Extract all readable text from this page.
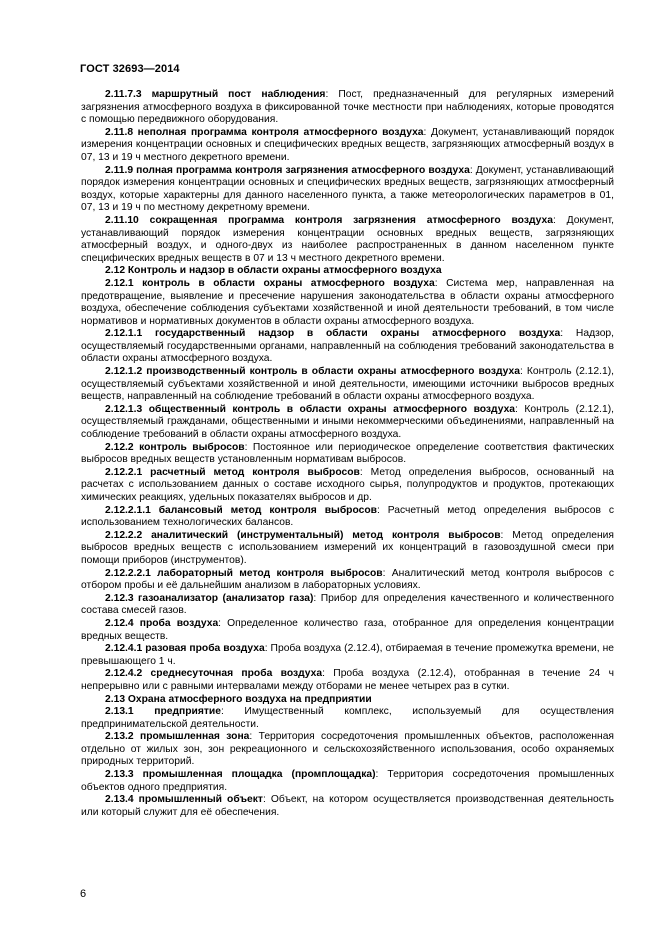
ГОСТ 32693—2014

2.11.7.3 маршрутный пост наблюдения: Пост, предназначенный для регулярных измерений загрязнения атмосферного воздуха в фиксированной точке местности при наблюдениях, которые проводятся с помощью передвижного оборудования.

2.11.8 неполная программа контроля атмосферного воздуха: Документ, устанавливающий порядок измерения концентрации основных и специфических вредных веществ, загрязняющих атмосферный воздух в 07, 13 и 19 ч местного декретного времени.

2.11.9 полная программа контроля загрязнения атмосферного воздуха: Документ, устанавливающий порядок измерения концентрации основных и специфических вредных веществ, загрязняющих атмосферный воздух, которые характерны для данного населенного пункта, а также метеорологических параметров в 01, 07, 13 и 19 ч по местному декретному времени.

2.11.10 сокращенная программа контроля загрязнения атмосферного воздуха: Документ, устанавливающий порядок измерения концентрации основных вредных веществ, загрязняющих атмосферный воздух, и одного-двух из наиболее распространенных в данном населенном пункте специфических вредных веществ в 07 и 13 ч местного декретного времени.

2.12 Контроль и надзор в области охраны атмосферного воздуха

2.12.1 контроль в области охраны атмосферного воздуха: Система мер, направленная на предотвращение, выявление и пресечение нарушения законодательства в области охраны атмосферного воздуха, обеспечение соблюдения субъектами хозяйственной и иной деятельности требований, в том числе нормативов и нормативных документов в области охраны атмосферного воздуха.

2.12.1.1 государственный надзор в области охраны атмосферного воздуха: Надзор, осуществляемый государственными органами, направленный на соблюдения требований законодательства в области охраны атмосферного воздуха.

2.12.1.2 производственный контроль в области охраны атмосферного воздуха: Контроль (2.12.1), осуществляемый субъектами хозяйственной и иной деятельности, имеющими источники выбросов вредных веществ, направленный на соблюдение требований в области охраны атмосферного воздуха.

2.12.1.3 общественный контроль в области охраны атмосферного воздуха: Контроль (2.12.1), осуществляемый гражданами, общественными и иными некоммерческими объединениями, направленный на соблюдение требований в области охраны атмосферного воздуха.

2.12.2 контроль выбросов: Постоянное или периодическое определение соответствия фактических выбросов вредных веществ установленным нормативам выбросов.

2.12.2.1 расчетный метод контроля выбросов: Метод определения выбросов, основанный на расчетах с использованием данных о составе исходного сырья, полупродуктов и продуктов, протекающих химических реакциях, удельных показателях выбросов и др.

2.12.2.1.1 балансовый метод контроля выбросов: Расчетный метод определения выбросов с использованием технологических балансов.

2.12.2.2 аналитический (инструментальный) метод контроля выбросов: Метод определения выбросов вредных веществ с использованием измерений их концентраций в газовоздушной смеси при помощи приборов (инструментов).

2.12.2.2.1 лабораторный метод контроля выбросов: Аналитический метод контроля выбросов с отбором пробы и её дальнейшим анализом в лабораторных условиях.

2.12.3 газоанализатор (анализатор газа): Прибор для определения качественного и количественного состава смесей газов.

2.12.4 проба воздуха: Определенное количество газа, отобранное для определения концентрации вредных веществ.

2.12.4.1 разовая проба воздуха: Проба воздуха (2.12.4), отбираемая в течение промежутка времени, не превышающего 1 ч.

2.12.4.2 среднесуточная проба воздуха: Проба воздуха (2.12.4), отобранная в течение 24 ч непрерывно или с равными интервалами между отборами не менее четырех раз в сутки.

2.13 Охрана атмосферного воздуха на предприятии

2.13.1 предприятие: Имущественный комплекс, используемый для осуществления предпринимательской деятельности.

2.13.2 промышленная зона: Территория сосредоточения промышленных объектов, расположенная отдельно от жилых зон, зон рекреационного и сельскохозяйственного использования, особо охраняемых природных территорий.

2.13.3 промышленная площадка (промплощадка): Территория сосредоточения промышленных объектов одного предприятия.

2.13.4 промышленный объект: Объект, на котором осуществляется производственная деятельность или который служит для её обеспечения.

6
